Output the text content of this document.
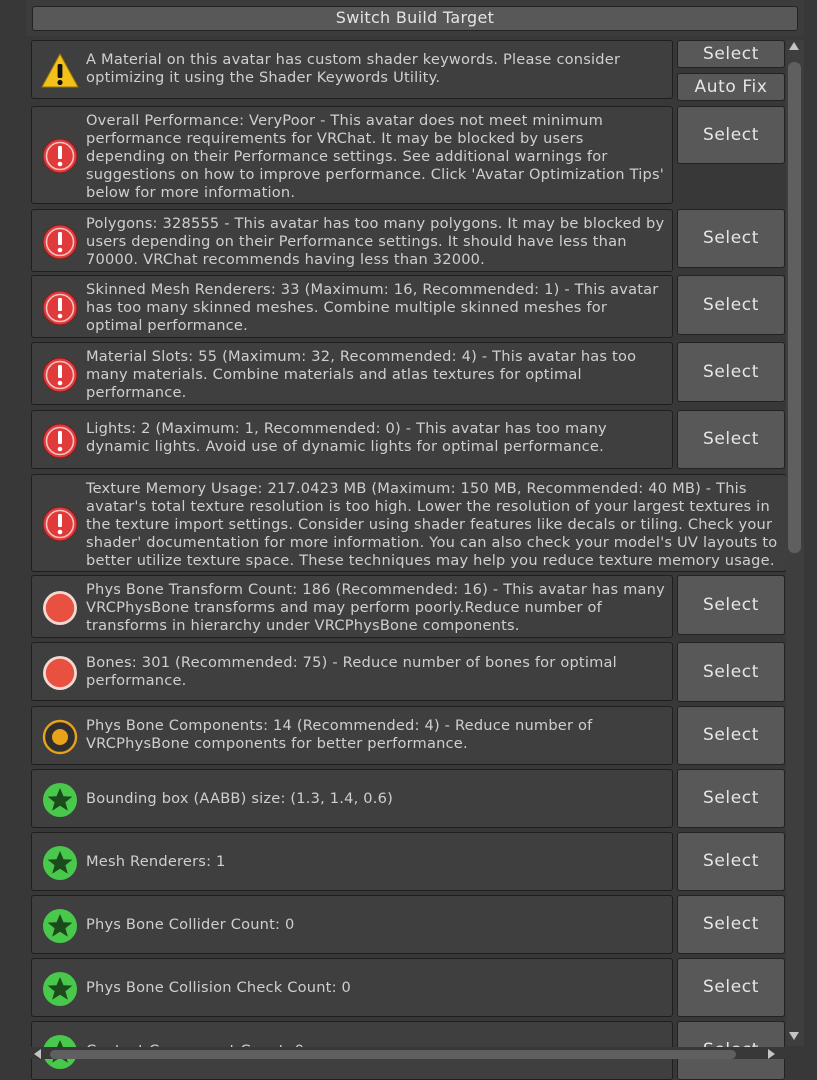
Switch Build Target
A Material on this avatar has custom shader keywords. Please consider optimizing it using the Shader Keywords Utility.
Select
Auto Fix
Overall Performance: VeryPoor - This avatar does not meet minimum performance requirements for VRChat. It may be blocked by users depending on their Performance settings. See additional warnings for suggestions on how to improve performance. Click 'Avatar Optimization Tips' below for more information.
Select
Polygons: 328555 - This avatar has too many polygons. It may be blocked by users depending on their Performance settings. It should have less than 70000. VRChat recommends having less than 32000.
Select
Skinned Mesh Renderers: 33 (Maximum: 16, Recommended: 1) - This avatar has too many skinned meshes. Combine multiple skinned meshes for optimal performance.
Select
Material Slots: 55 (Maximum: 32, Recommended: 4) - This avatar has too many materials. Combine materials and atlas textures for optimal performance.
Select
Lights: 2 (Maximum: 1, Recommended: 0) - This avatar has too many dynamic lights. Avoid use of dynamic lights for optimal performance.	Select
Texture Memory Usage: 217.0423 MB (Maximum: 150 MB, Recommended: 40 MB) - This avatar's total texture resolution is too high. Lower the resolution of your largest textures in the texture import settings. Consider using shader features like decals or tiling. Check your shader' documentation for more information. You can also check your model's UV layouts to better utilize texture space. These techniques may help you reduce texture memory usage.
Phys Bone Transform Count: 186 (Recommended: 16) - This avatar has many VRCPhysBone transforms and may perform poorly.Reduce number of transforms in hierarchy under VRCPhysBone components.
Select
Bones: 301 (Recommended: 75) - Reduce number of bones for optimal performance.	Select
Phys Bone Components: 14 (Recommended: 4) - Reduce number of VRCPhysBone components for better performance.	Select
Bounding box (AABB) size: (1.3, 1.4, 0.6)	Select
Mesh Renderers: 1	Select
Phys Bone Collider Count: 0	Select
Phys Bone Collision Check Count: 0	Select
